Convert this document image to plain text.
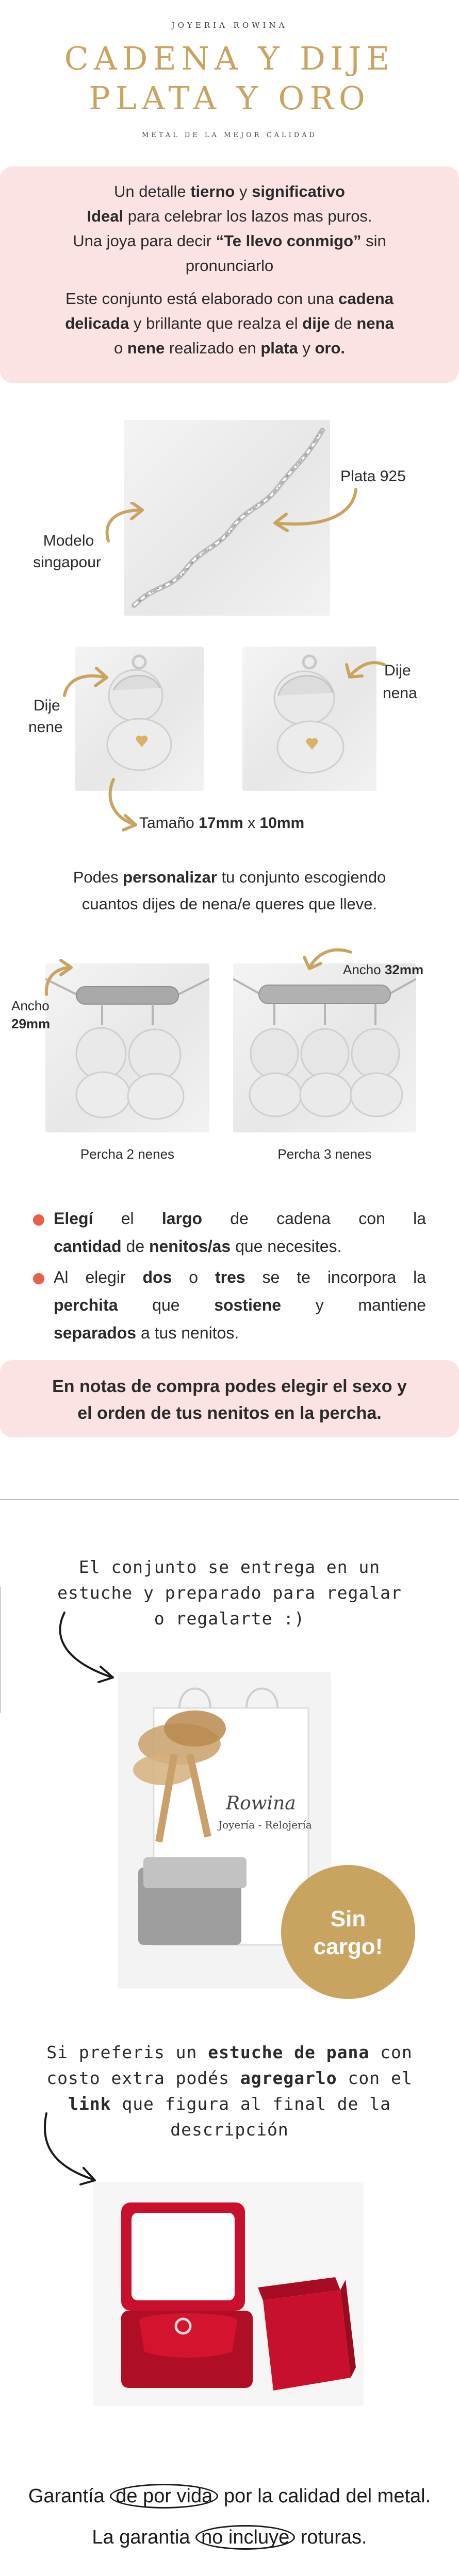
JOYERIA ROWINA
CADENA Y DIJE
PLATA Y ORO
METAL DE LA MEJOR CALIDAD
Un detalle tierno y significativo
Ideal para celebrar los lazos mas puros.
Una joya para decir “Te llevo conmigo” sin
pronunciarlo
Este conjunto está elaborado con una cadena
delicada y brillante que realza el dije de nena
o nene realizado en plata y oro.
Plata 925
Modelo
singapour
Dije
nene
Dije
nena
Tamaño 17mm x 10mm
Podes personalizar tu conjunto escogiendo
cuantos dijes de nena/e queres que lleve.
Ancho
29mm
Ancho 32mm
Percha 2 nenes	Percha 3 nenes
Elegí el largo de cadena con la
cantidad de nenitos/as que necesites.
Al elegir dos o tres se te incorpora la
perchita que sostiene y mantiene
separados a tus nenitos.
En notas de compra podes elegir el sexo y
el orden de tus nenitos en la percha.
El conjunto se entrega en un
estuche y preparado para regalar
o regalarte :)
Rowina
Joyería - Relojería
Sin
cargo!
Si preferis un estuche de pana con
costo extra podés agregarlo con el
link que figura al final de la
descripción
Garantía de por vida por la calidad del metal.
La garantia no incluye roturas.
